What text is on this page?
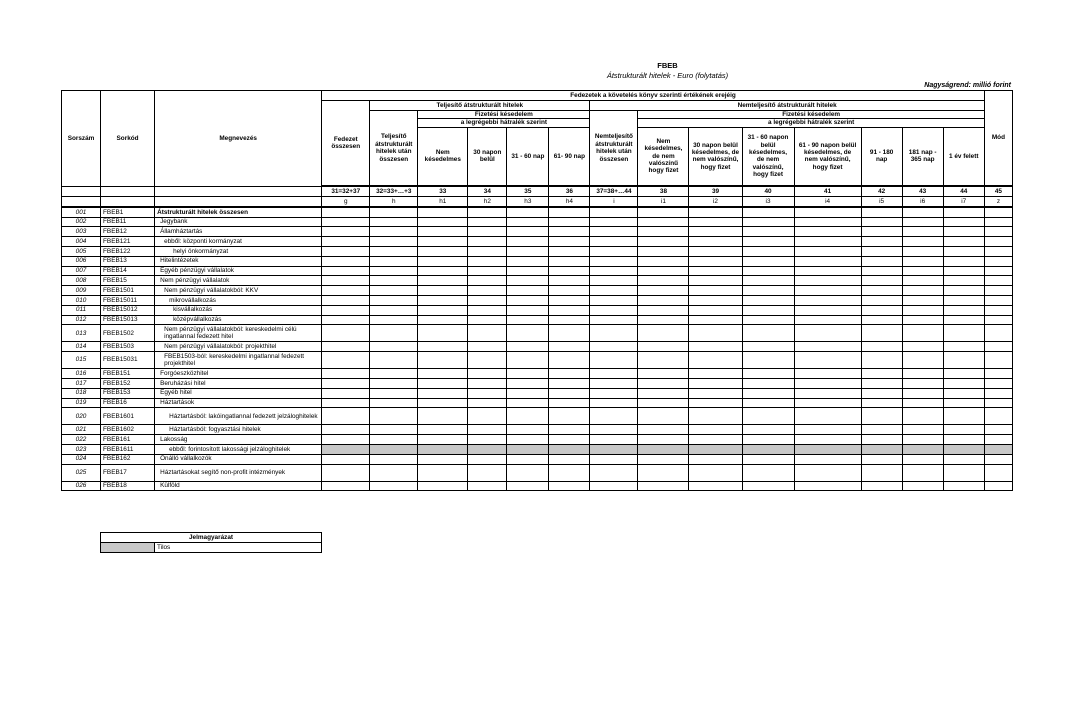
FBEB
Átstrukturált hitelek - Euro (folytatás)
Nagyságrend: millió forint
Sorszám	Sorkód	Megnevezés	Fedezetek a követelés könyv szerinti értékének erejéig														Mód
			Fedezet összesen	Teljesítő átstrukturált hitelek					Nemteljesítő átstrukturált hitelek								
				Teljesítő átstrukturált hitelek után összesen	Fizetési késedelem				Nemteljesítő átstrukturált hitelek után összesen	Fizetési késedelem							
					a legrégebbi hátralék szerint					a legrégebbi hátralék szerint							
					Nem késedelmes	30 napon belül	31 - 60 nap	61- 90 nap		Nem késedelmes, de nem valószínű hogy fizet	30 napon belül késedelmes, de nem valószínű, hogy fizet	31 - 60 napon belül késedelmes, de nem valószínű, hogy fizet	61 - 90 napon belül késedelmes, de nem valószínű, hogy fizet	91 - 180 nap	181 nap - 365 nap	1 év felett	

			31=32+37	32=33+…+3	33	34	35	36	37=38+…44	38	39	40	41	42	43	44	45
			g	h	h1	h2	h3	h4	i	i1	i2	i3	i4	i5	i6	i7	z
001	FBEB1	Átstrukturált hitelek összesen															
002	FBEB11	Jegybank															
003	FBEB12	Államháztartás															
004	FBEB121	ebből: központi kormányzat															
005	FBEB122	helyi önkormányzat															
006	FBEB13	Hitelintézetek															
007	FBEB14	Egyéb pénzügyi vállalatok															
008	FBEB15	Nem pénzügyi vállalatok															
009	FBEB1501	Nem pénzügyi vállalatokból: KKV															
010	FBEB15011	mikrovállalkozás															
011	FBEB15012	kisvállalkozás															
012	FBEB15013	középvállalkozás															
013	FBEB1502	Nem pénzügyi vállalatokból: kereskedelmi célú ingatlannal fedezett hitel															
014	FBEB1503	Nem pénzügyi vállalatokból: projekthitel															
015	FBEB15031	FBEB1503-ból: kereskedelmi ingatlannal fedezett projekthitel															
016	FBEB151	Forgóeszközhitel															
017	FBEB152	Beruházási hitel															
018	FBEB153	Egyéb hitel															
019	FBEB16	Háztartások															
020	FBEB1601	Háztartásból: lakóingatlannal fedezett jelzáloghitelek															
021	FBEB1602	Háztartásból: fogyasztási hitelek															
022	FBEB161	Lakosság															
023	FBEB1611	ebből: forintosított lakossági jelzáloghitelek															
024	FBEB162	Önálló vállalkozók															
025	FBEB17	Háztartásokat segítő non-profit intézmények															
026	FBEB18	Külföld															
Jelmagyarázat
	Tilos
